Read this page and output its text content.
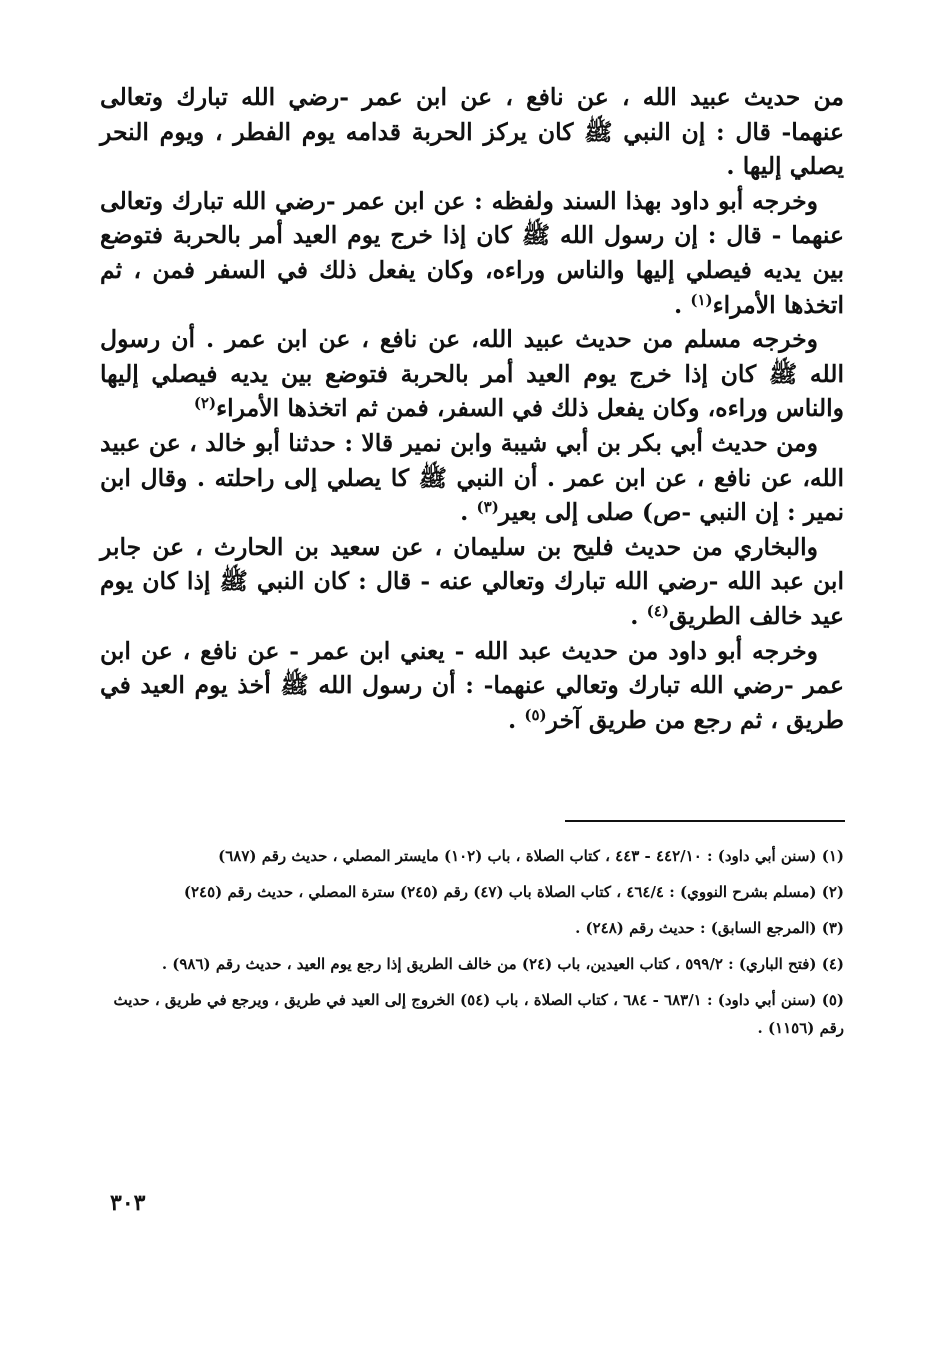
من حديث عبيد الله ، عن نافع ، عن ابن عمر -رضي الله تبارك وتعالى عنهما- قال : إن النبي ﷺ كان يركز الحربة قدامه يوم الفطر ، ويوم النحر يصلي إليها .

وخرجه أبو داود بهذا السند ولفظه : عن ابن عمر -رضي الله تبارك وتعالى عنهما - قال : إن رسول الله ﷺ كان إذا خرج يوم العيد أمر بالحربة فتوضع بين يديه فيصلي إليها والناس وراءه، وكان يفعل ذلك في السفر فمن ، ثم اتخذها الأمراء$^{(١)}$ .

وخرجه مسلم من حديث عبيد الله، عن نافع ، عن ابن عمر . أن رسول الله ﷺ كان إذا خرج يوم العيد أمر بالحربة فتوضع بين يديه فيصلي إليها والناس وراءه، وكان يفعل ذلك في السفر، فمن ثم اتخذها الأمراء$^{(٢)}$

ومن حديث أبي بكر بن أبي شيبة وابن نمير قالا : حدثنا أبو خالد ، عن عبيد الله، عن نافع ، عن ابن عمر . أن النبي ﷺ كا يصلي إلى راحلته . وقال ابن نمير : إن النبي -ص) صلى إلى بعير$^{(٣)}$ .

والبخاري من حديث فليح بن سليمان ، عن سعيد بن الحارث ، عن جابر ابن عبد الله -رضي الله تبارك وتعالي عنه - قال : كان النبي ﷺ إذا كان يوم عيد خالف الطريق$^{(٤)}$ .

وخرجه أبو داود من حديث عبد الله - يعني ابن عمر - عن نافع ، عن ابن عمر -رضي الله تبارك وتعالي عنهما- : أن رسول الله ﷺ أخذ يوم العيد في طريق ، ثم رجع من طريق آخر$^{(٥)}$ .

(١) (سنن أبي داود) : ٤٤٢/١٠ - ٤٤٣ ، كتاب الصلاة ، باب (١٠٢) مايستر المصلي ، حديث رقم (٦٨٧)

(٢) (مسلم بشرح النووي) : ٤٦٤/٤ ، كتاب الصلاة باب (٤٧) رقم (٢٤٥) سترة المصلي ، حديث رقم (٢٤٥)

(٣) (المرجع السابق) : حديث رقم (٢٤٨) .

(٤) (فتح الباري) : ٥٩٩/٢ ، كتاب العيدين، باب (٢٤) من خالف الطريق إذا رجع يوم العيد ، حديث رقم (٩٨٦) .

(٥) (سنن أبي داود) : ٦٨٣/١ - ٦٨٤ ، كتاب الصلاة ، باب (٥٤) الخروج إلى العيد في طريق ، ويرجع في طريق ، حديث رقم (١١٥٦) .

٣٠٣
